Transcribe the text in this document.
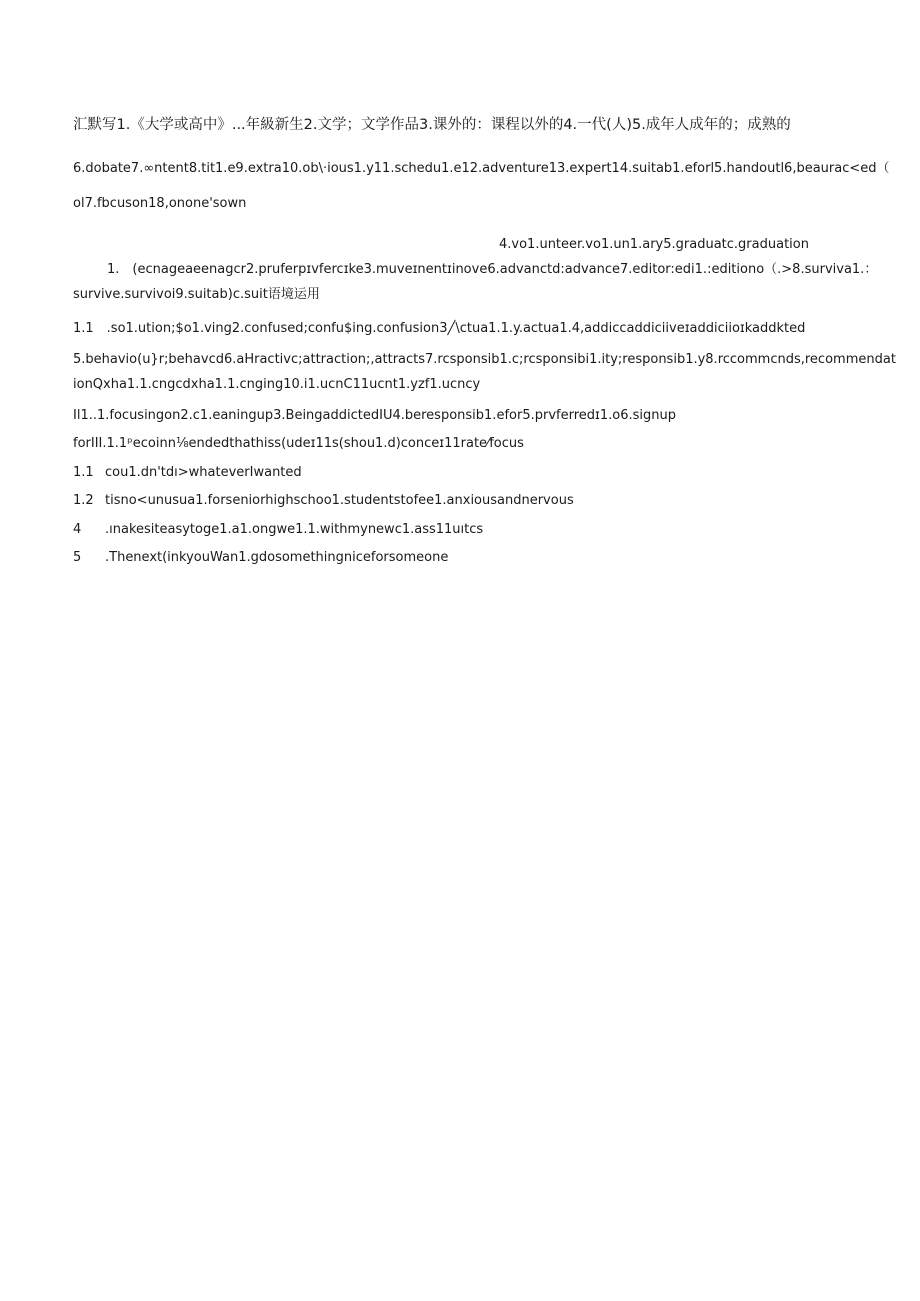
汇默写1.《大学或高中》...年級新生2.文学；文学作品3.课外的：课程以外的4.一代(人)5.成年人成年的；成熟的
6.dobate7.∞ntent8.tit1.e9.extra10.ob\·ious1.y11.schedu1.e12.adventure13.expert14.suitab1.eforl5.handoutl6,beaurac<ed（
ol7.fbcuson18,onone'sown
4.vo1.unteer.vo1.un1.ary5.graduatc.graduation
1.　(ecnageaeenagcr2.pruferpɪvfercɪke3.muveɪnentɪinove6.advanctd:advance7.editor:edi1.:editiono（.>8.surviva1.：
survive.survivoi9.suitab)c.suit语境运用
1.1　.so1.ution;$o1.ving2.confused;confu$ing.confusion3╱\ctua1.1.y.actua1.4,addiccaddiciiveɪaddiciioɪkaddkted
5.behavio(u}r;behavcd6.aHractivc;attraction;,attracts7.rcsponsib1.c;rcsponsibi1.ity;responsib1.y8.rccommcnds,recommendat
ionQxha1.1.cngcdxha1.1.cnging10.i1.ucnC11ucnt1.yzf1.ucncy
Il1..1.focusingon2.c1.eaningup3.BeingaddictedIU4.beresponsib1.efor5.prvferredɪ1.o6.signup
forIII.1.1ᵖecoinn⅛endedthathiss(udeɪ11s(shou1.d)conceɪ11rate⁄focus
1.1 cou1.dn'tdı>whateverIwanted
1.2 tisno<unusua1.forseniorhighschoo1.studentstofee1.anxiousandnervous
4 .ınakesiteasytoge1.a1.ongwe1.1.withmynewc1.ass11uıtcs
5 .Thenext(inkyouWan1.gdosomethingniceforsomeone
